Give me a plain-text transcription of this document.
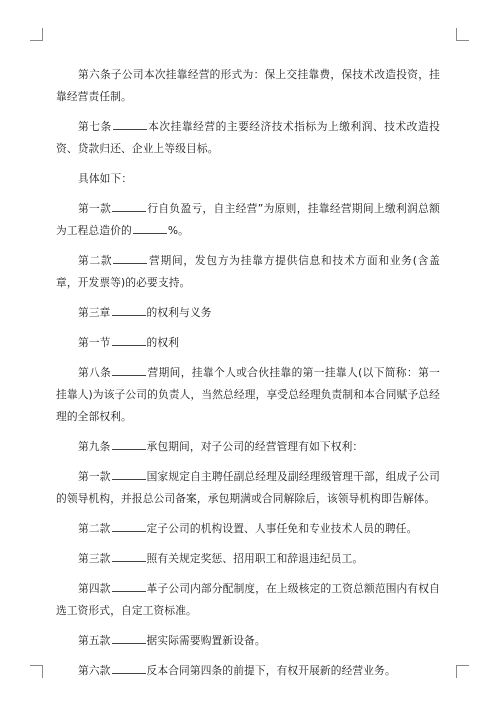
第六条子公司本次挂靠经营的形式为：保上交挂靠费，保技术改造投资，挂靠经营责任制。

第七条	本次挂靠经营的主要经济技术指标为上缴利润、技术改造投资、贷款归还、企业上等级目标。

具体如下：

第一款	行自负盈亏，自主经营”为原则，挂靠经营期间上缴利润总额为工程总造价的	%。

第二款	营期间，发包方为挂靠方提供信息和技术方面和业务(含盖章，开发票等)的必要支持。

第三章	的权利与义务

第一节	的权利

第八条	营期间，挂靠个人或合伙挂靠的第一挂靠人(以下简称：第一挂靠人)为该子公司的负责人，当然总经理，享受总经理负责制和本合同赋予总经理的全部权利。

第九条	承包期间，对子公司的经营管理有如下权利：

第一款	国家规定自主聘任副总经理及副经理级管理干部，组成子公司的领导机构，并报总公司备案，承包期满或合同解除后，该领导机构即告解体。

第二款	定子公司的机构设置、人事任免和专业技术人员的聘任。

第三款	照有关规定奖惩、招用职工和辞退违纪员工。

第四款	革子公司内部分配制度，在上级核定的工资总额范围内有权自选工资形式，自定工资标准。

第五款	据实际需要购置新设备。

第六款	反本合同第四条的前提下，有权开展新的经营业务。
